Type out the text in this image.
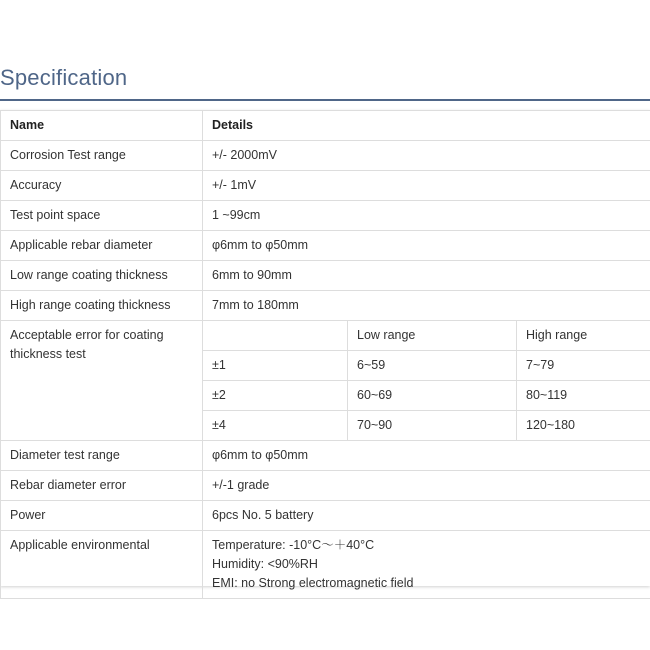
Specification
Name	Details		
Corrosion Test range	+/- 2000mV		
Accuracy	+/- 1mV		
Test point space	1 ~99cm		
Applicable rebar diameter	φ6mm to φ50mm		
Low range coating thickness	6mm to 90mm		
High range coating thickness	7mm to 180mm		
Acceptable error for coating thickness test		Low range	High range
	±1	6~59	7~79
	±2	60~69	80~119
	±4	70~90	120~180
Diameter test range	φ6mm to φ50mm		
Rebar diameter error	+/-1 grade		
Power	6pcs No. 5 battery		
Applicable environmental	Temperature: -10°C～＋40°C
Humidity: <90%RH
EMI: no Strong electromagnetic field		
